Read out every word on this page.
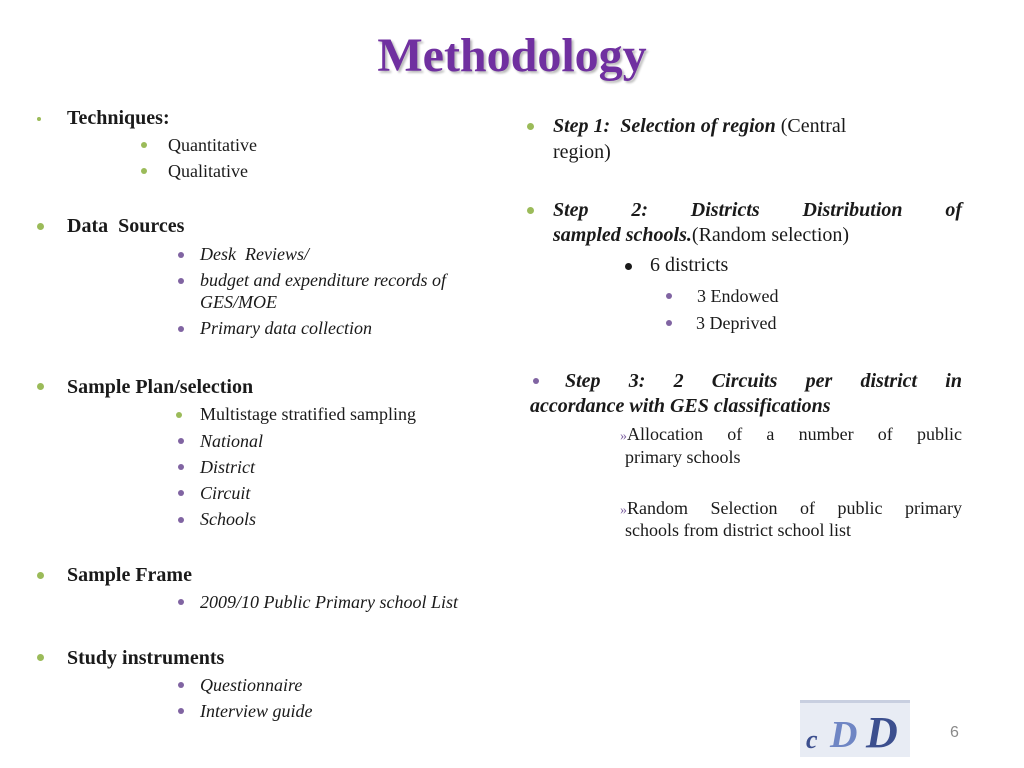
Methodology
Techniques:
Quantitative
Qualitative
Data  Sources
Desk  Reviews/
budget and expenditure records of
GES/MOE
Primary data collection
Sample Plan/selection
Multistage stratified sampling
National
District
Circuit
Schools
Sample Frame
2009/10 Public Primary school List
Study instruments
Questionnaire
Interview guide
Step 1:  Selection of region (Central
region)
Step   2:   Districts   Distribution   of
sampled schools.(Random selection)
6 districts
3 Endowed
3 Deprived
Step   3:   2   Circuits   per   district   in
accordance with GES classifications
»Allocation  of  a  number  of  public
primary schools
»Random Selection of public primary
schools from district school list
c D D	6
